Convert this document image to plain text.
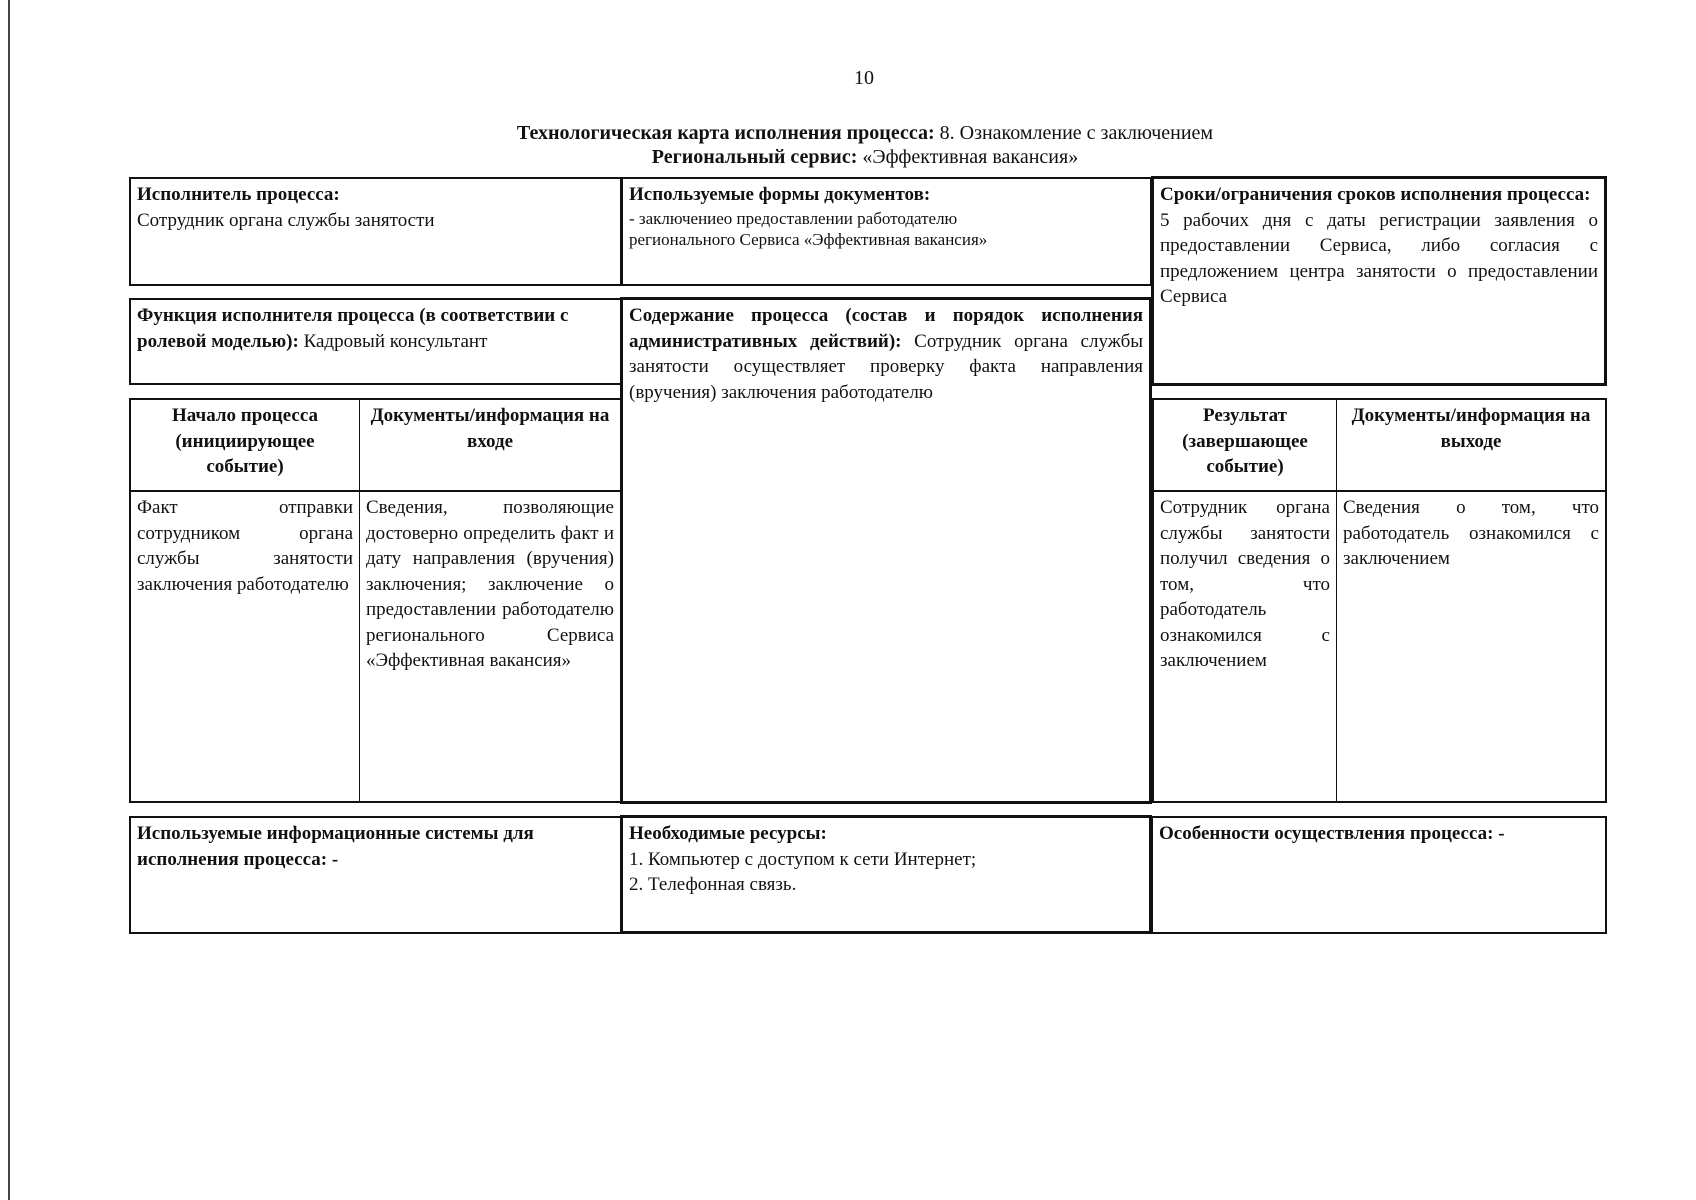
10
Технологическая карта исполнения процесса: 8. Ознакомление с заключением
Региональный сервис: «Эффективная вакансия»
Исполнитель процесса:
Сотрудник органа службы занятости
Используемые формы документов:
- заключениео предоставлении работодателю регионального Сервиса «Эффективная вакансия»
Сроки/ограничения сроков исполнения процесса:
5 рабочих дня с даты регистрации заявления о предоставлении Сервиса, либо согласия с предложением центра занятости о предоставлении Сервиса
Функция исполнителя процесса (в соответствии с ролевой моделью): Кадровый консультант
Содержание процесса (состав и порядок исполнения административных действий): Сотрудник органа службы занятости осуществляет проверку факта направления (вручения) заключения работодателю
Начало процесса (инициирующее событие)
Документы/информация на входе
Факт отправки сотрудником органа службы занятости заключения работодателю
Сведения, позволяющие достоверно определить факт и дату направления (вручения) заключения; заключение о предоставлении работодателю регионального Сервиса «Эффективная вакансия»
Результат (завершающее событие)
Документы/информация на выходе
Сотрудник органа службы занятости получил сведения о том, что работодатель ознакомился с заключением
Сведения о том, что работодатель ознакомился с заключением
Используемые информационные системы для исполнения процесса: -
Необходимые ресурсы:
1. Компьютер с доступом к сети Интернет;
2. Телефонная связь.
Особенности осуществления процесса: -
